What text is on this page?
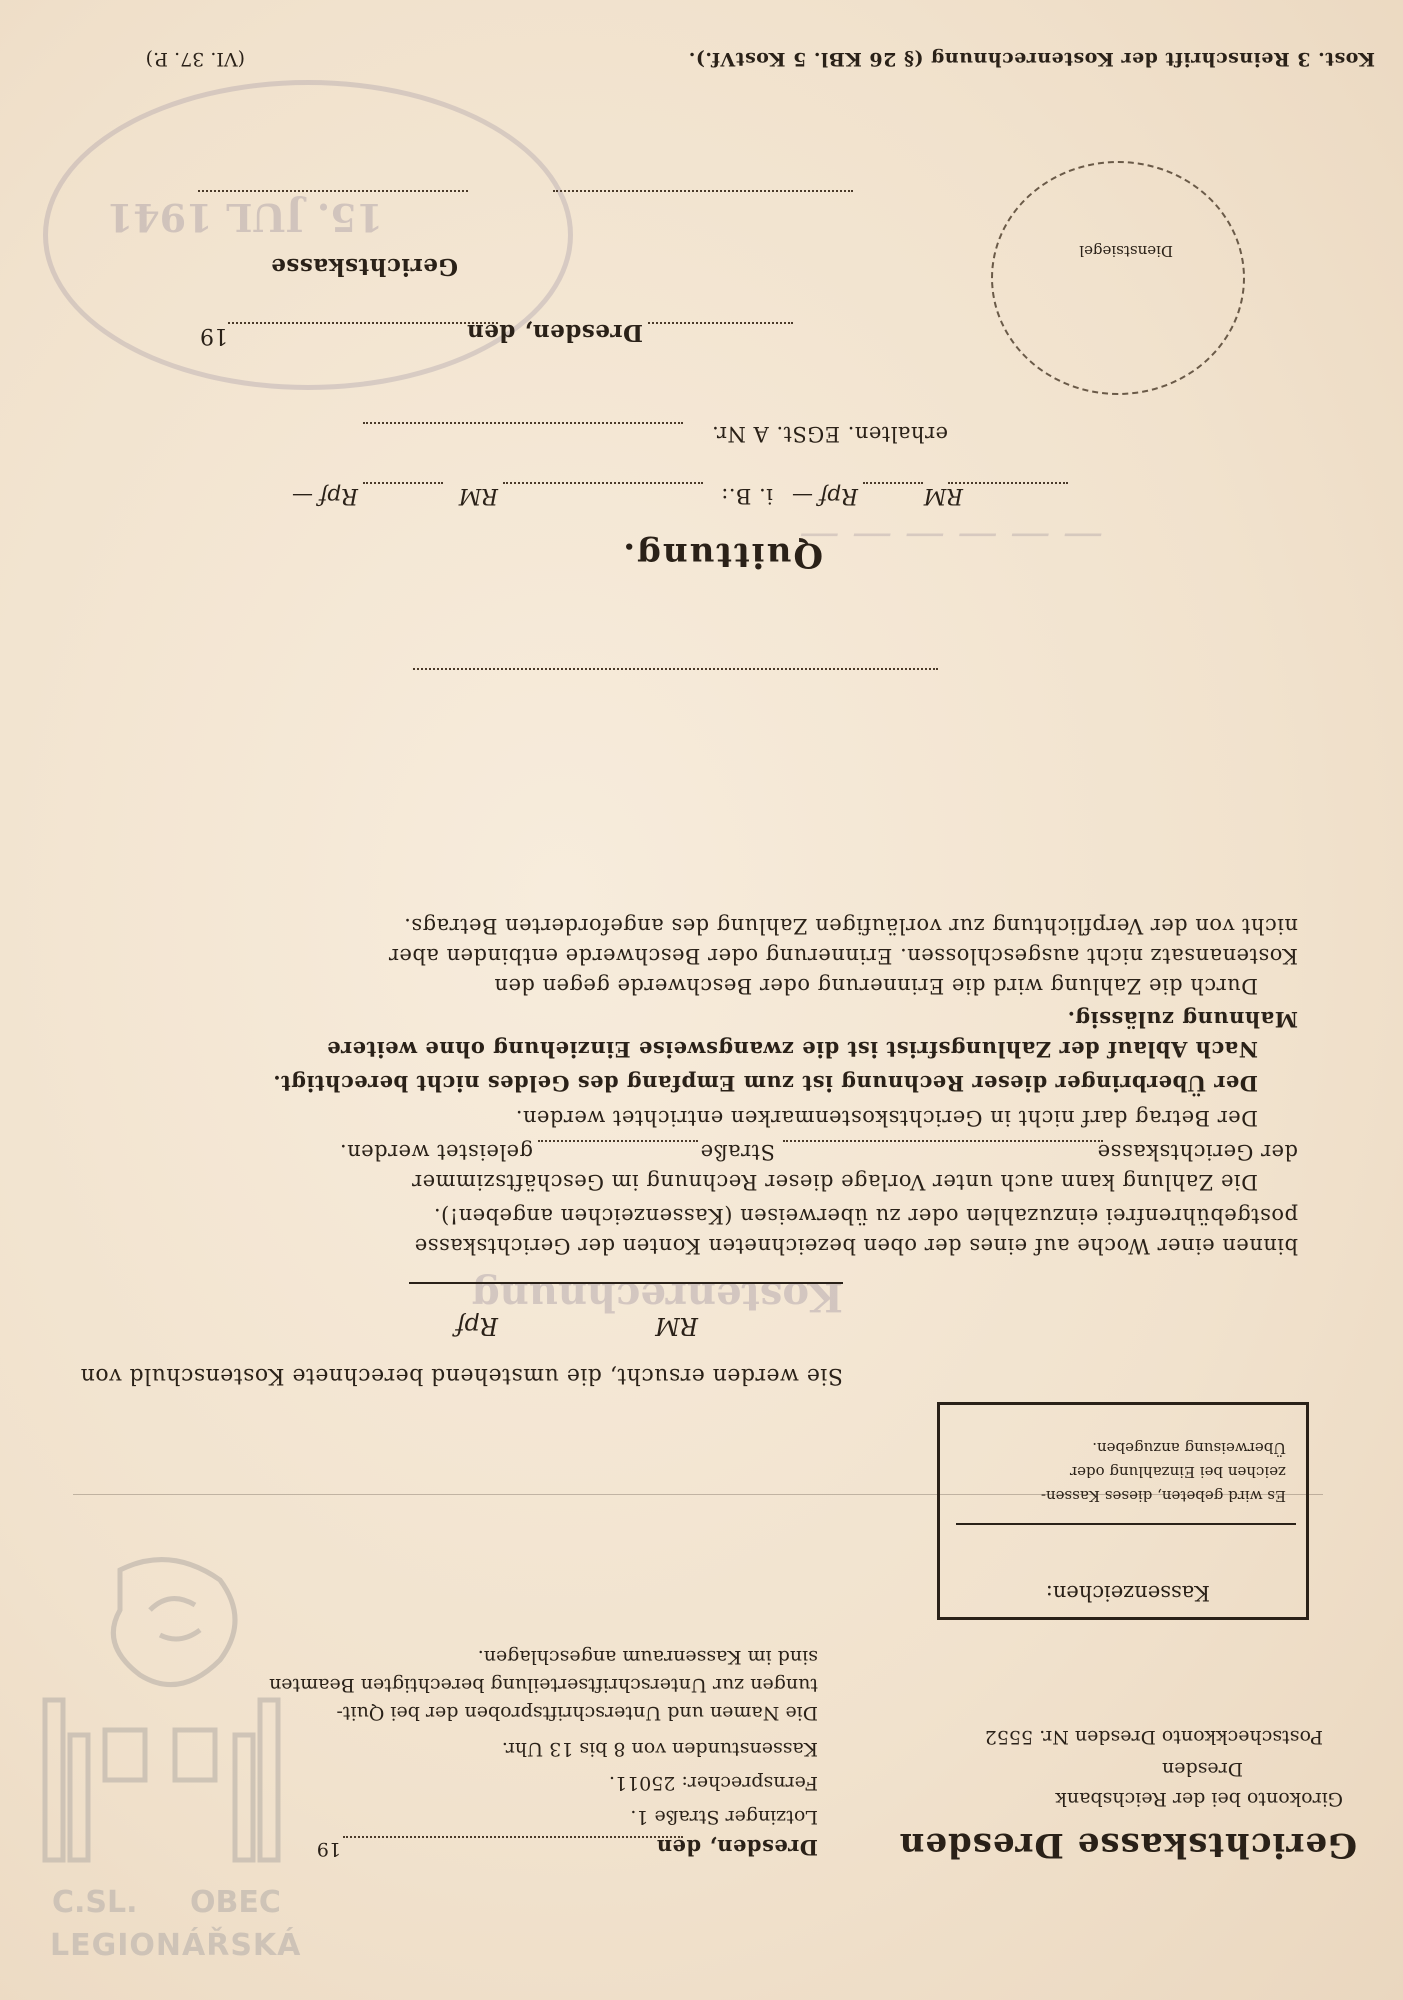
Kostenrechnung
15. JUL 1941
— — — — — —
Gerichtskasse Dresden
Girokonto bei der Reichsbank
Dresden
Postscheckkonto Dresden Nr. 5552
Dresden, den
19
Lotzinger Straße 1.
Fernsprecher: 25011.
Kassenstunden von 8 bis 13 Uhr.
Die Namen und Unterschriftsproben der bei Quit-
tungen zur Unterschriftserteilung berechtigten Beamten
sind im Kassenraum angeschlagen.
Kassenzeichen:
Es wird gebeten, dieses Kassen-
zeichen bei Einzahlung oder
Überweisung anzugeben.
Sie werden ersucht, die umstehend berechnete Kostenschuld von
RM
Rpf
binnen einer Woche auf eines der oben bezeichneten Konten der Gerichtskasse
postgebührenfrei einzuzahlen oder zu überweisen (Kassenzeichen angeben!).
Die Zahlung kann auch unter Vorlage dieser Rechnung im Geschäftszimmer
der Gerichtskasse
Straße
geleistet werden.
Der Betrag darf nicht in Gerichtskostenmarken entrichtet werden.
Der Überbringer dieser Rechnung ist zum Empfang des Geldes nicht berechtigt.
Nach Ablauf der Zahlungsfrist ist die zwangsweise Einziehung ohne weitere
Mahnung zulässig.
Durch die Zahlung wird die Erinnerung oder Beschwerde gegen den
Kostenansatz nicht ausgeschlossen. Erinnerung oder Beschwerde entbinden aber
nicht von der Verpflichtung zur vorläufigen Zahlung des angeforderten Betrags.
Quittung.
RM
Rpf
—
i. B.:
RM
Rpf
—
erhalten. EGSt. A Nr.
Dienstsiegel
Dresden, den
19
Gerichtskasse
Kost. 3 Reinschrift der Kostenrechnung (§ 26 KBl. 5 KostVf.).
(VI. 37. P.)
C.SL. OBEC
LEGIONÁŘSKÁ
